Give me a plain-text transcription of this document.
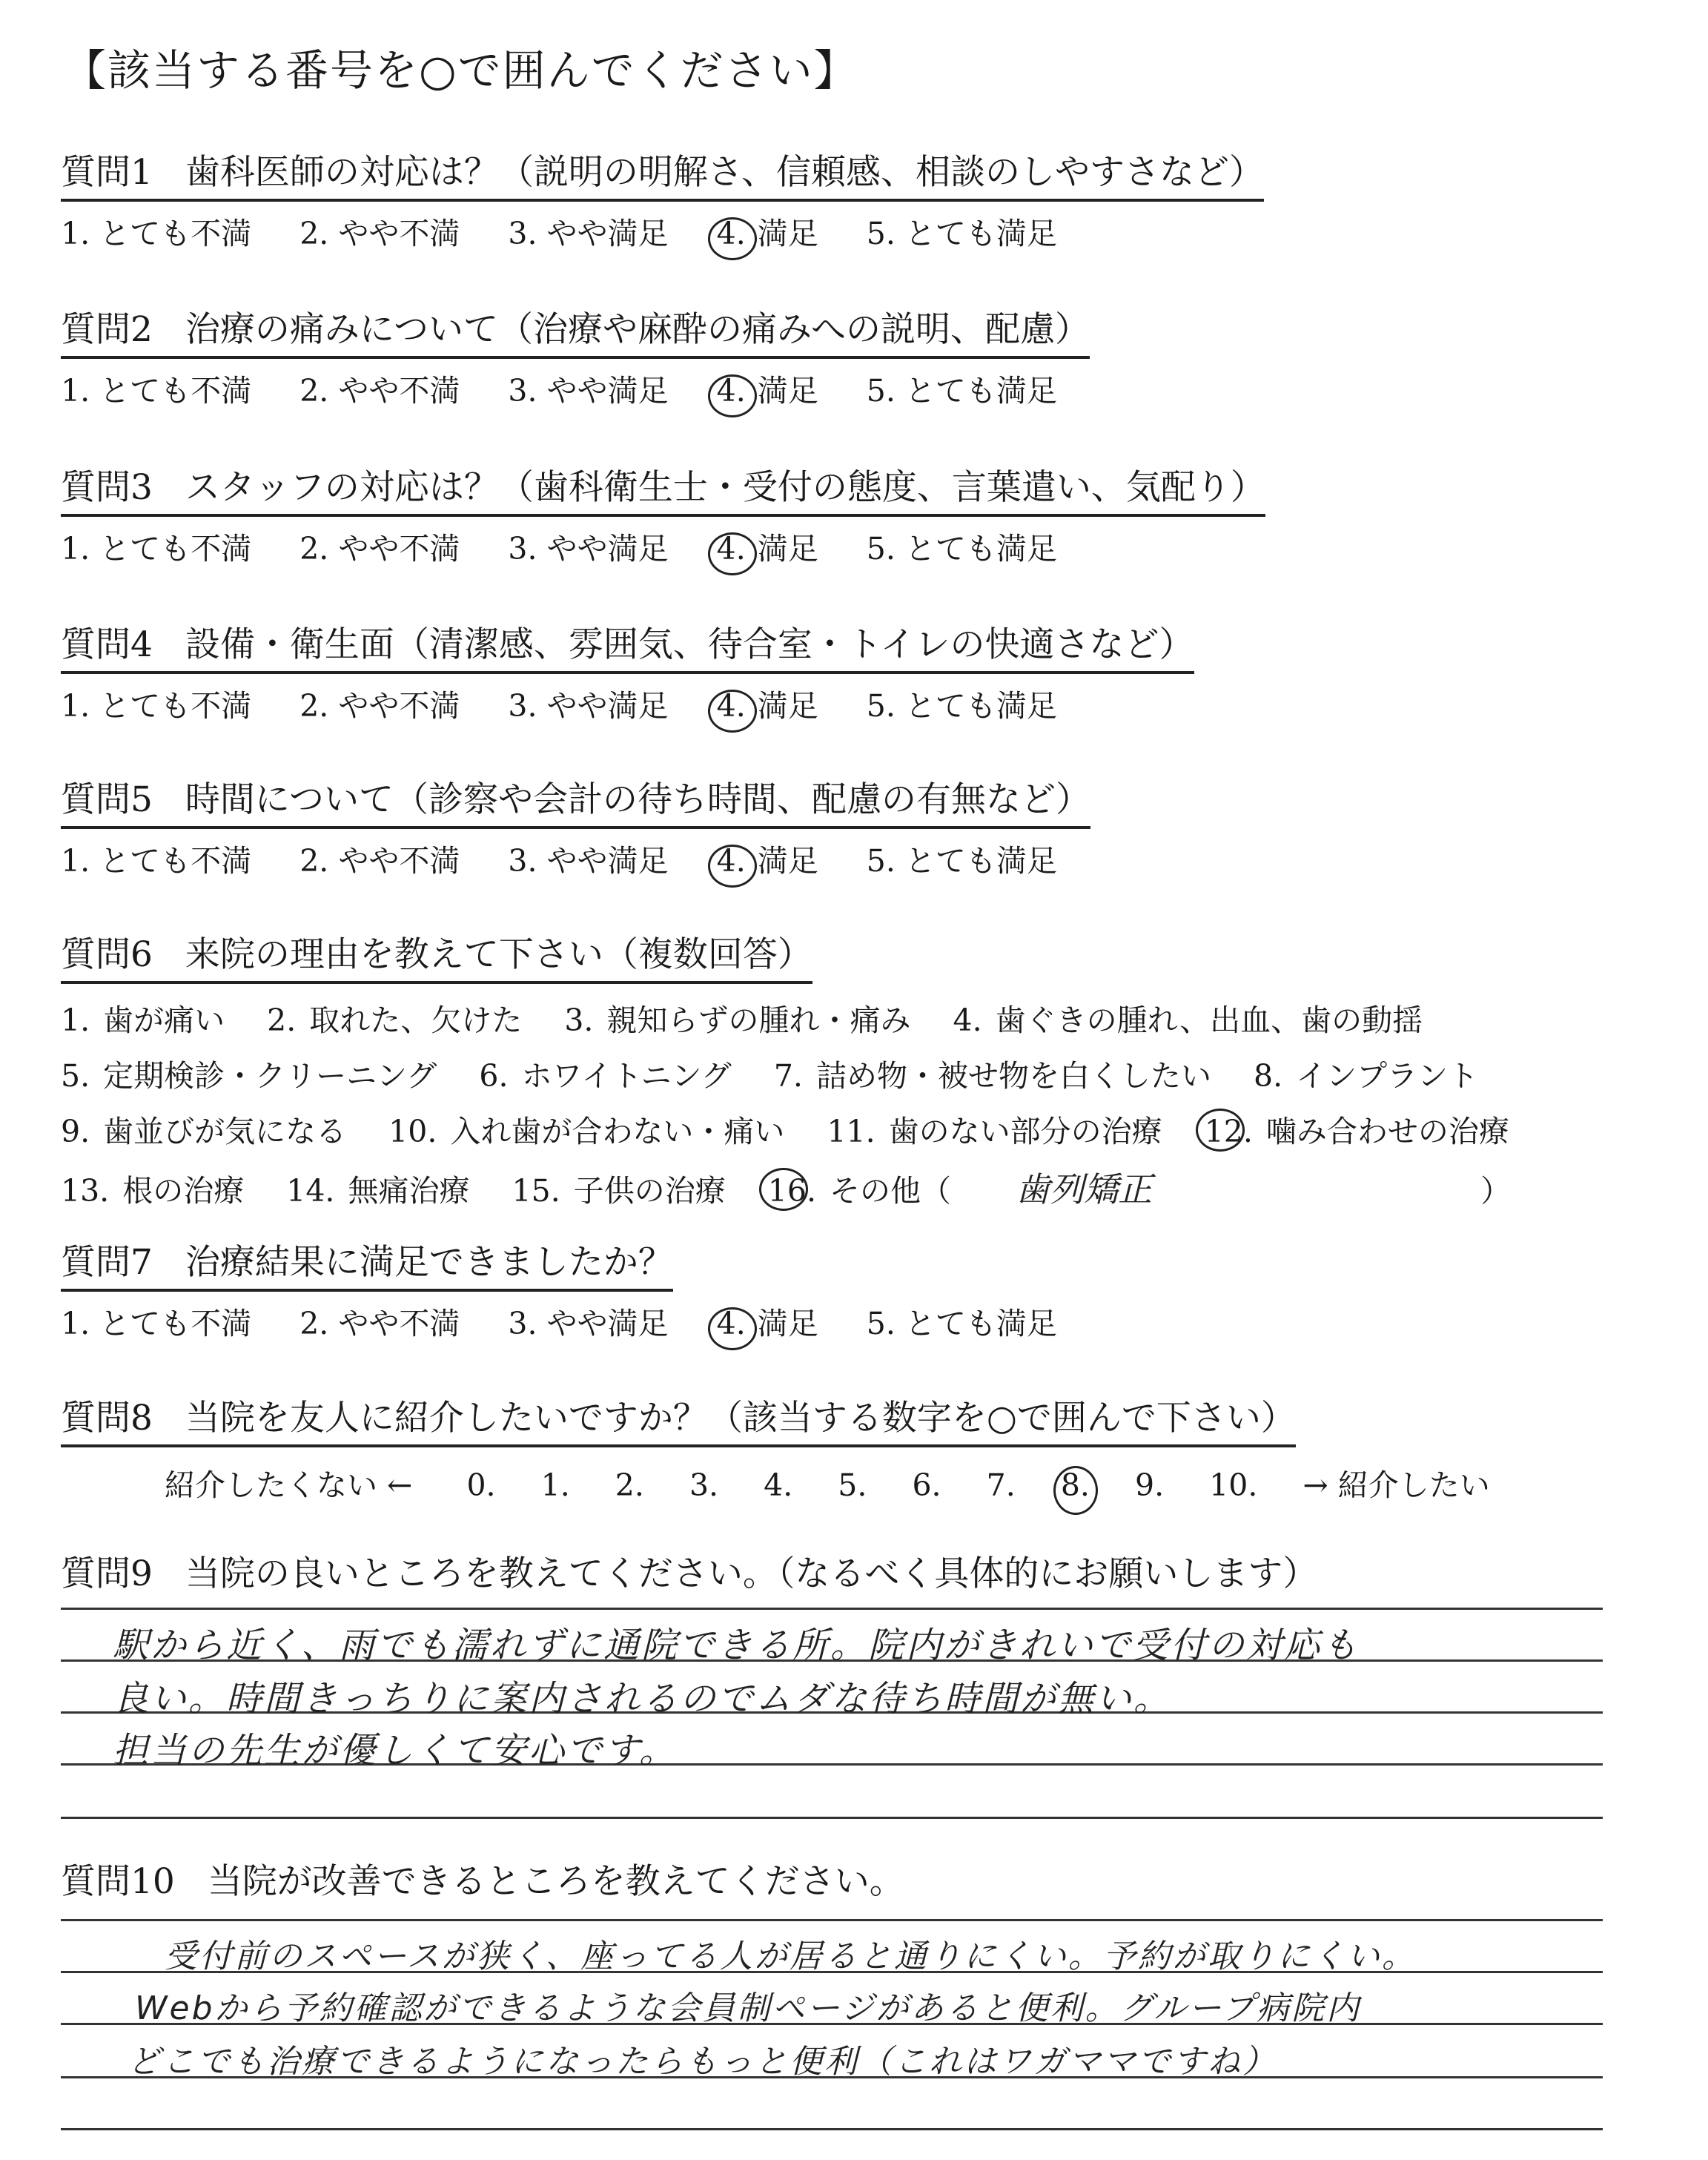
【該当する番号を○で囲んでください】
質問1 歯科医師の対応は？（説明の明解さ、信頼感、相談のしやすさなど）
1. とても不満 2. やや不満 3. やや満足 4. 満足 5. とても満足
質問2 治療の痛みについて（治療や麻酔の痛みへの説明、配慮）
1. とても不満 2. やや不満 3. やや満足 4. 満足 5. とても満足
質問3 スタッフの対応は？（歯科衛生士・受付の態度、言葉遣い、気配り）
1. とても不満 2. やや不満 3. やや満足 4. 満足 5. とても満足
質問4 設備・衛生面（清潔感、雰囲気、待合室・トイレの快適さなど）
1. とても不満 2. やや不満 3. やや満足 4. 満足 5. とても満足
質問5 時間について（診察や会計の待ち時間、配慮の有無など）
1. とても不満 2. やや不満 3. やや満足 4. 満足 5. とても満足
質問6 来院の理由を教えて下さい（複数回答）
1. 歯が痛い 2. 取れた、欠けた 3. 親知らずの腫れ・痛み 4. 歯ぐきの腫れ、出血、歯の動揺
5. 定期検診・クリーニング 6. ホワイトニング 7. 詰め物・被せ物を白くしたい 8. インプラント
9. 歯並びが気になる 10. 入れ歯が合わない・痛い 11. 歯のない部分の治療 12. 噛み合わせの治療
13. 根の治療 14. 無痛治療 15. 子供の治療 16. その他（ 歯列矯正	）
質問7 治療結果に満足できましたか？
1. とても不満 2. やや不満 3. やや満足 4. 満足 5. とても満足
質問8 当院を友人に紹介したいですか？（該当する数字を○で囲んで下さい）
紹介したくない ← 0. 1. 2. 3. 4. 5. 6. 7. 8. 9. 10. → 紹介したい
質問9 当院の良いところを教えてください。（なるべく具体的にお願いします）
駅から近く、雨でも濡れずに通院できる所。院内がきれいで受付の対応も
良い。時間きっちりに案内されるのでムダな待ち時間が無い。
担当の先生が優しくて安心です。
質問10 当院が改善できるところを教えてください。
受付前のスペースが狭く、座ってる人が居ると通りにくい。予約が取りにくい。
Webから予約確認ができるような会員制ページがあると便利。グループ病院内
どこでも治療できるようになったらもっと便利（これはワガママですね）
